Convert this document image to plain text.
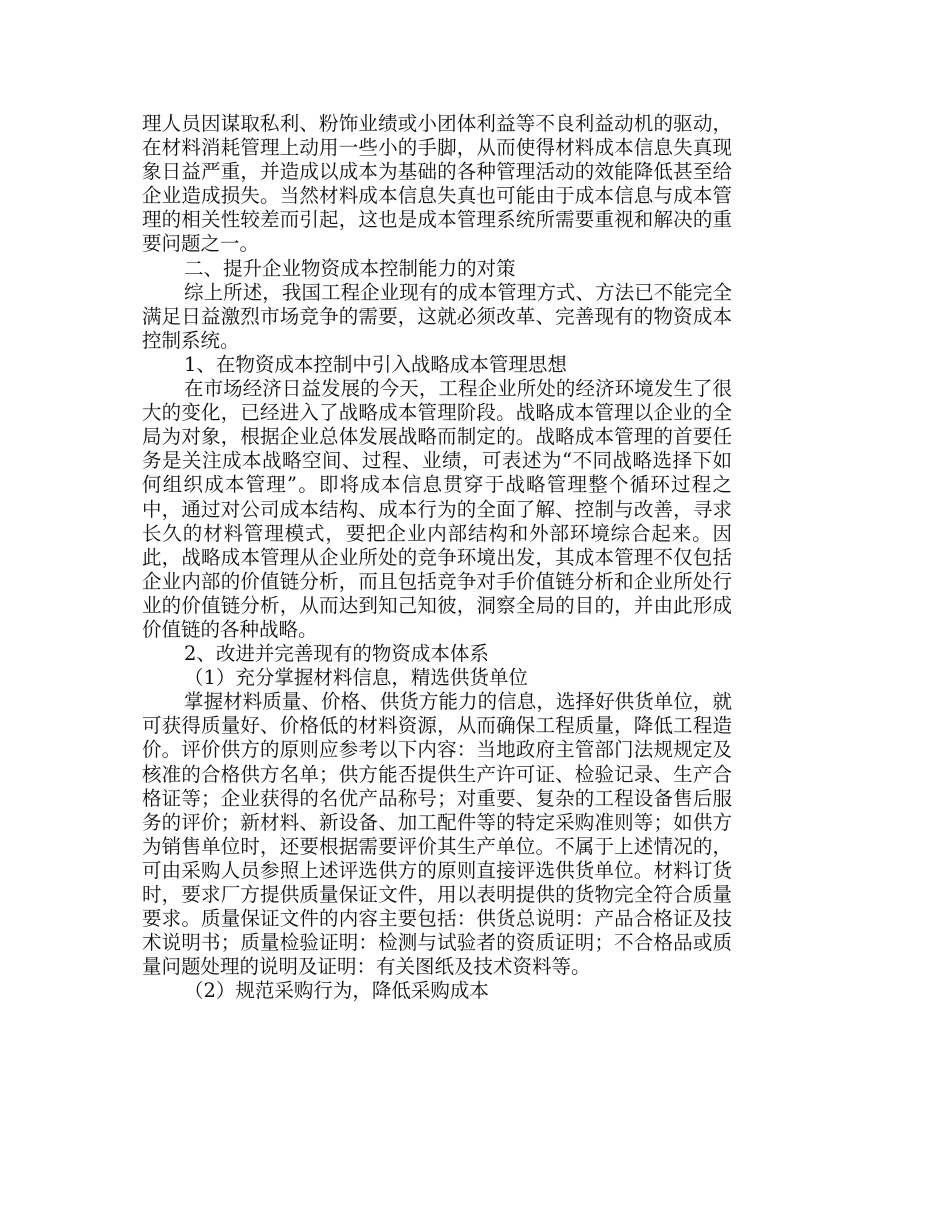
理人员因谋取私利、粉饰业绩或小团体利益等不良利益动机的驱动，在材料消耗管理上动用一些小的手脚，从而使得材料成本信息失真现象日益严重，并造成以成本为基础的各种管理活动的效能降低甚至给企业造成损失。当然材料成本信息失真也可能由于成本信息与成本管理的相关性较差而引起，这也是成本管理系统所需要重视和解决的重要问题之一。

二、提升企业物资成本控制能力的对策

综上所述，我国工程企业现有的成本管理方式、方法已不能完全满足日益激烈市场竞争的需要，这就必须改革、完善现有的物资成本控制系统。

1、在物资成本控制中引入战略成本管理思想

在市场经济日益发展的今天，工程企业所处的经济环境发生了很大的变化，已经进入了战略成本管理阶段。战略成本管理以企业的全局为对象，根据企业总体发展战略而制定的。战略成本管理的首要任务是关注成本战略空间、过程、业绩，可表述为“不同战略选择下如何组织成本管理”。即将成本信息贯穿于战略管理整个循环过程之中，通过对公司成本结构、成本行为的全面了解、控制与改善，寻求长久的材料管理模式，要把企业内部结构和外部环境综合起来。因此，战略成本管理从企业所处的竞争环境出发，其成本管理不仅包括企业内部的价值链分析，而且包括竞争对手价值链分析和企业所处行业的价值链分析，从而达到知己知彼，洞察全局的目的，并由此形成价值链的各种战略。

2、改进并完善现有的物资成本体系

（1）充分掌握材料信息，精选供货单位

掌握材料质量、价格、供货方能力的信息，选择好供货单位，就可获得质量好、价格低的材料资源，从而确保工程质量，降低工程造价。评价供方的原则应参考以下内容：当地政府主管部门法规规定及核准的合格供方名单；供方能否提供生产许可证、检验记录、生产合格证等；企业获得的名优产品称号；对重要、复杂的工程设备售后服务的评价；新材料、新设备、加工配件等的特定采购准则等；如供方为销售单位时，还要根据需要评价其生产单位。不属于上述情况的，可由采购人员参照上述评选供方的原则直接评选供货单位。材料订货时，要求厂方提供质量保证文件，用以表明提供的货物完全符合质量要求。质量保证文件的内容主要包括：供货总说明：产品合格证及技术说明书；质量检验证明：检测与试验者的资质证明；不合格品或质量问题处理的说明及证明：有关图纸及技术资料等。

（2）规范采购行为，降低采购成本
